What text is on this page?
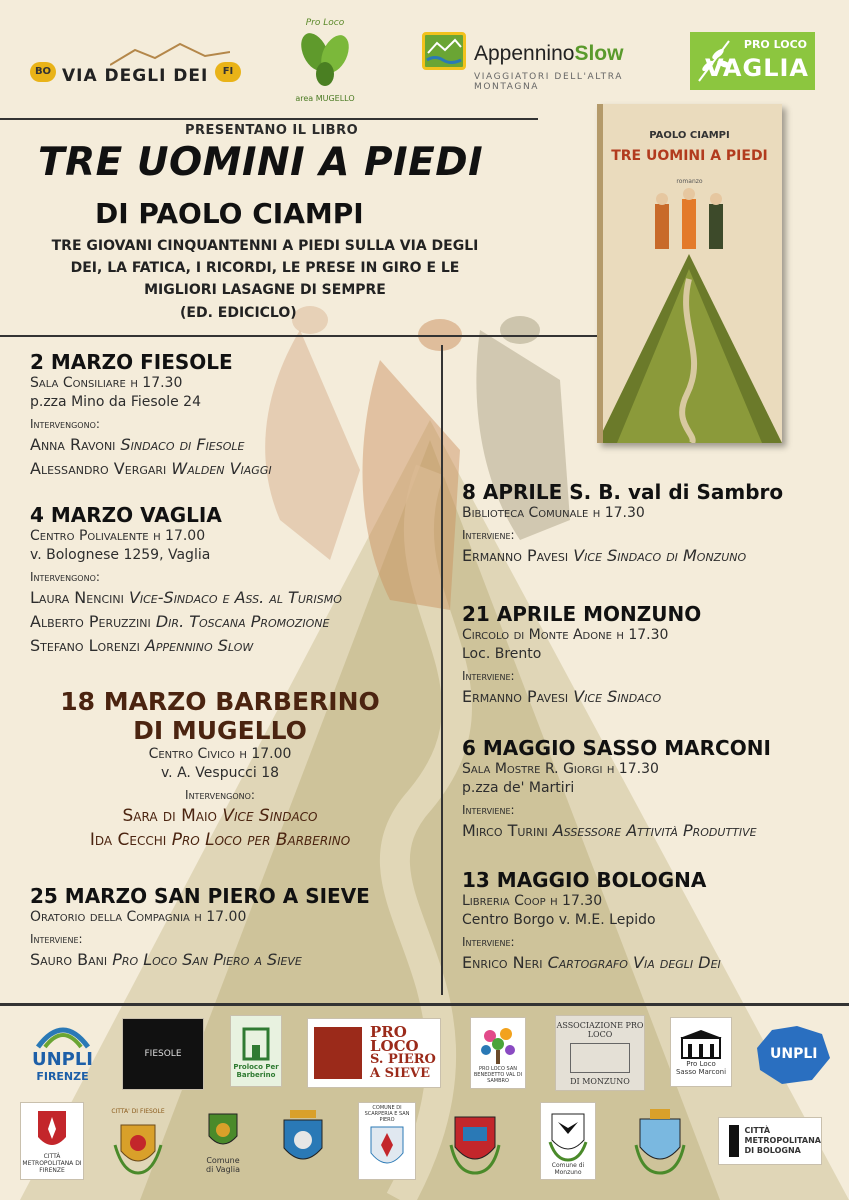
BO VIA DEGLI DEI	FI
Pro Loco
area MUGELLO
AppenninoSlow
VIAGGIATORI DELL'ALTRA MONTAGNA
PRO LOCO
VAGLIA
PRESENTANO IL LIBRO
TRE UOMINI A PIEDI
DI PAOLO CIAMPI
TRE GIOVANI CINQUANTENNI A PIEDI SULLA VIA DEGLI DEI, LA FATICA, I RICORDI, LE PRESE IN GIRO E LE MIGLIORI LASAGNE DI SEMPRE
(ED. EDICICLO)
PAOLO CIAMPI
TRE UOMINI A PIEDI
romanzo
2 MARZO FIESOLE
Sala Consiliare h 17.30
p.zza Mino da Fiesole 24
Intervengono:
Anna Ravoni Sindaco di Fiesole
Alessandro Vergari Walden Viaggi
4 MARZO VAGLIA
Centro Polivalente h 17.00
v. Bolognese 1259, Vaglia
Intervengono:
Laura Nencini Vice-Sindaco e Ass. al Turismo
Alberto Peruzzini Dir. Toscana Promozione
Stefano Lorenzi Appennino Slow
18 MARZO BARBERINO
DI MUGELLO
Centro Civico h 17.00
v. A. Vespucci 18
Intervengono:
Sara di Maio Vice Sindaco
Ida Cecchi Pro Loco per Barberino
25 MARZO SAN PIERO A SIEVE
Oratorio della Compagnia h 17.00
Interviene:
Sauro Bani Pro Loco San Piero a Sieve
8 APRILE S. B. val di Sambro
Biblioteca Comunale h 17.30
Interviene:
Ermanno Pavesi Vice Sindaco di Monzuno
21 APRILE MONZUNO
Circolo di Monte Adone h 17.30
Loc. Brento
Interviene:
Ermanno Pavesi Vice Sindaco
6 MAGGIO SASSO MARCONI
Sala Mostre R. Giorgi h 17.30
p.zza de' Martiri
Interviene:
Mirco Turini Assessore Attività Produttive
13 MAGGIO BOLOGNA
Libreria Coop h 17.30
Centro Borgo v. M.E. Lepido
Interviene:
Enrico Neri Cartografo Via degli Dei
UNPLI
FIRENZE
FIESOLE
Proloco Per Barberino
PRO
LOCO
S. PIERO
A SIEVE	PRO LOCO SAN BENEDETTO VAL DI SAMBRO
ASSOCIAZIONE PRO LOCO
DI MONZUNO
Pro Loco
Sasso Marconi
UNPLI
CITTÀ METROPOLITANA DI FIRENZE
CITTA' DI FIESOLE
Comune
di Vaglia
COMUNE DI SCARPERIA E SAN PIERO
Comune di Monzuno
CITTÀ
METROPOLITANA
DI BOLOGNA
